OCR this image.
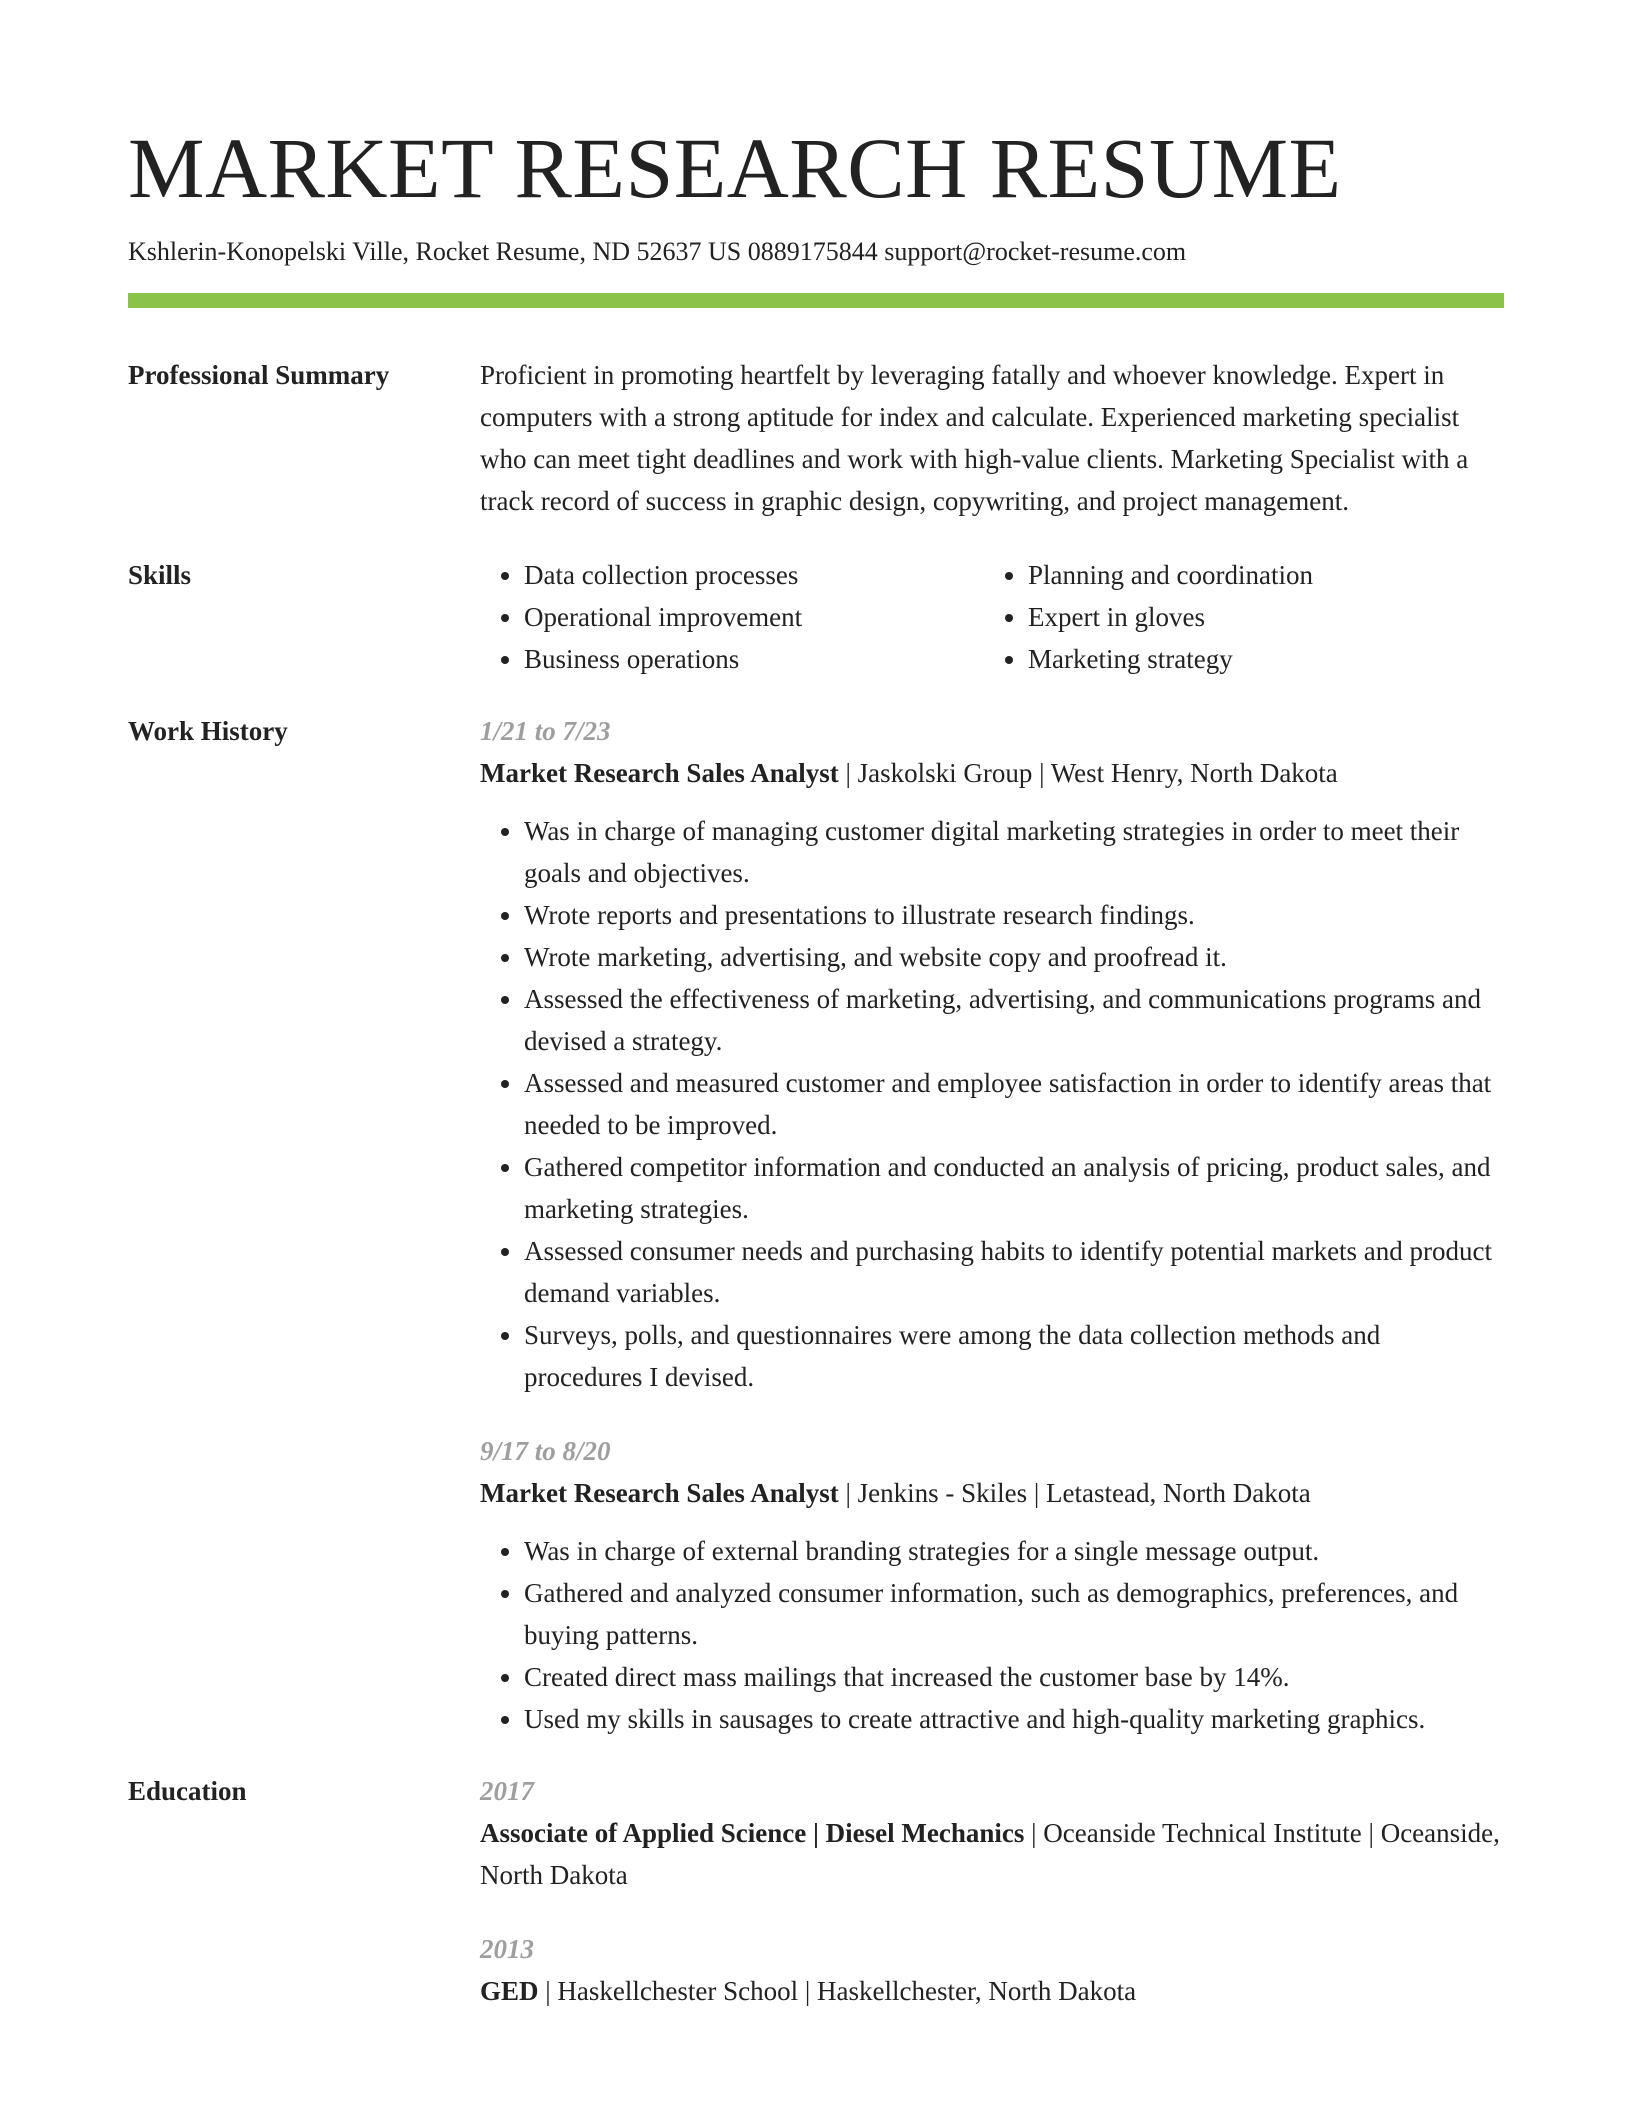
MARKET RESEARCH RESUME
Kshlerin-Konopelski Ville, Rocket Resume, ND 52637 US 0889175844 support@rocket-resume.com
Professional Summary	Proficient in promoting heartfelt by leveraging fatally and whoever knowledge. Expert in computers with a strong aptitude for index and calculate. Experienced marketing specialist who can meet tight deadlines and work with high-value clients. Marketing Specialist with a track record of success in graphic design, copywriting, and project management.

Skills
•	Data collection processes
• Operational improvement
• Business operations
• Planning and coordination
• Expert in gloves
• Marketing strategy
Work History	1/21 to 7/23
Market Research Sales Analyst | Jaskolski Group | West Henry, North Dakota
• Was in charge of managing customer digital marketing strategies in order to meet their goals and objectives.
• Wrote reports and presentations to illustrate research findings.
• Wrote marketing, advertising, and website copy and proofread it.
• Assessed the effectiveness of marketing, advertising, and communications programs and devised a strategy.
• Assessed and measured customer and employee satisfaction in order to identify areas that needed to be improved.
• Gathered competitor information and conducted an analysis of pricing, product sales, and marketing strategies.
• Assessed consumer needs and purchasing habits to identify potential markets and product demand variables.
• Surveys, polls, and questionnaires were among the data collection methods and procedures I devised.
9/17 to 8/20
Market Research Sales Analyst | Jenkins - Skiles | Letastead, North Dakota
• Was in charge of external branding strategies for a single message output.
• Gathered and analyzed consumer information, such as demographics, preferences, and buying patterns.
• Created direct mass mailings that increased the customer base by 14%.
• Used my skills in sausages to create attractive and high-quality marketing graphics.
Education	2017
Associate of Applied Science | Diesel Mechanics | Oceanside Technical Institute | Oceanside, North Dakota
2013
GED | Haskellchester School | Haskellchester, North Dakota
